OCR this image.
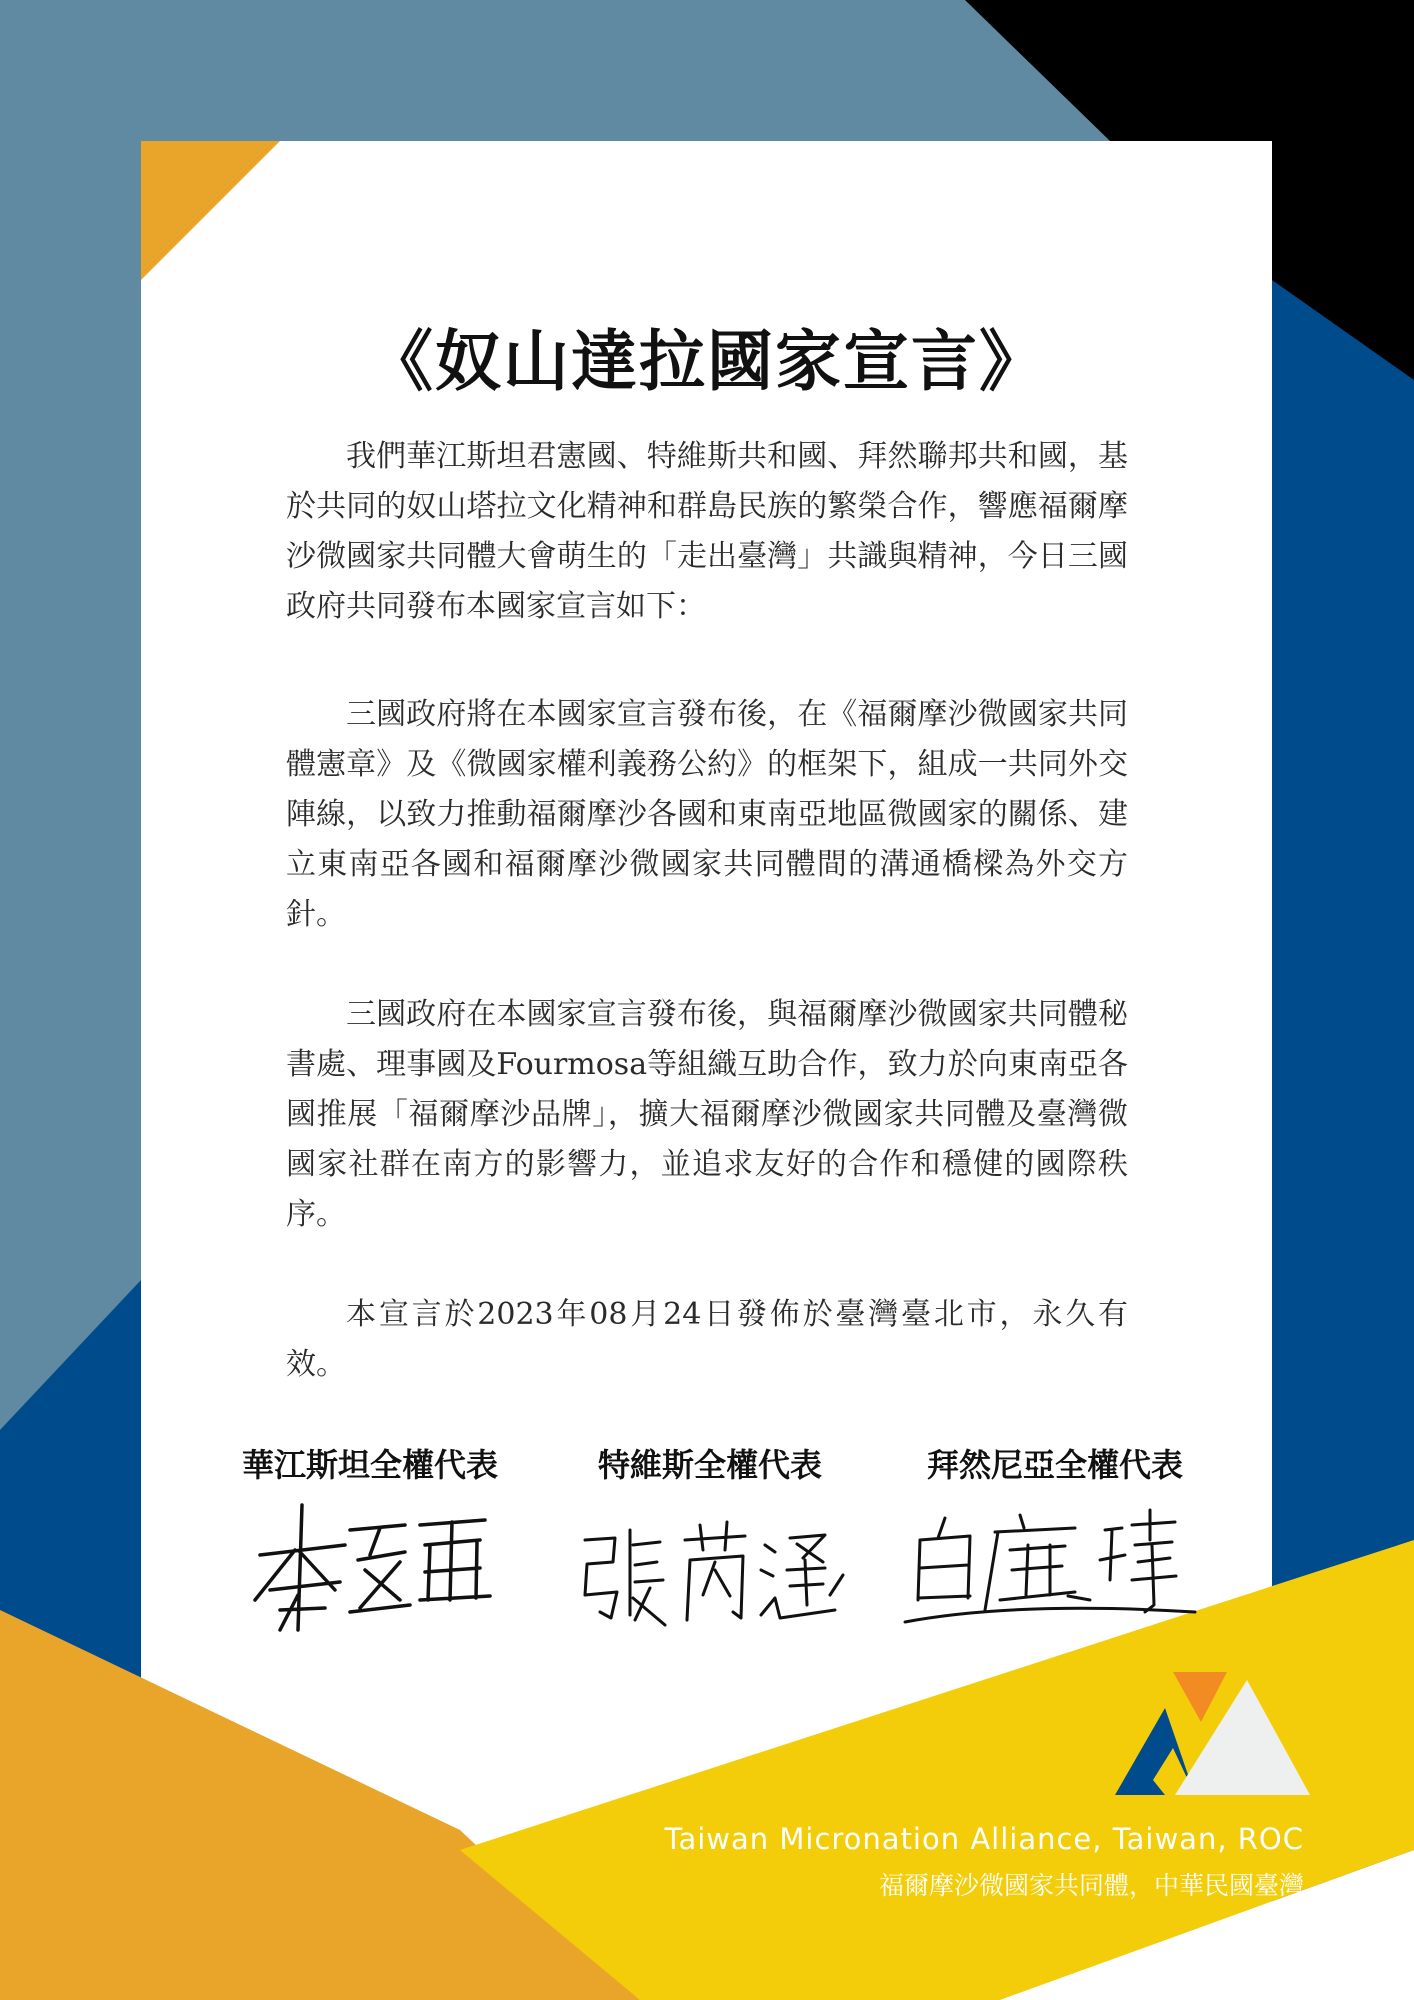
《奴山達拉國家宣言》

我們華江斯坦君憲國、特維斯共和國、拜然聯邦共和國，基於共同的奴山塔拉文化精神和群島民族的繁榮合作，響應福爾摩沙微國家共同體大會萌生的「走出臺灣」共識與精神，今日三國政府共同發布本國家宣言如下：

三國政府將在本國家宣言發布後，在《福爾摩沙微國家共同體憲章》及《微國家權利義務公約》的框架下，組成一共同外交陣線，以致力推動福爾摩沙各國和東南亞地區微國家的關係、建立東南亞各國和福爾摩沙微國家共同體間的溝通橋樑為外交方針。

三國政府在本國家宣言發布後，與福爾摩沙微國家共同體秘書處、理事國及Fourmosa等組織互助合作，致力於向東南亞各國推展「福爾摩沙品牌」，擴大福爾摩沙微國家共同體及臺灣微國家社群在南方的影響力，並追求友好的合作和穩健的國際秩序。

本宣言於2023年08月24日發佈於臺灣臺北市，永久有效。

華江斯坦全權代表	特維斯全權代表	拜然尼亞全權代表
Taiwan Micronation Alliance, Taiwan, ROC
福爾摩沙微國家共同體，中華民國臺灣
